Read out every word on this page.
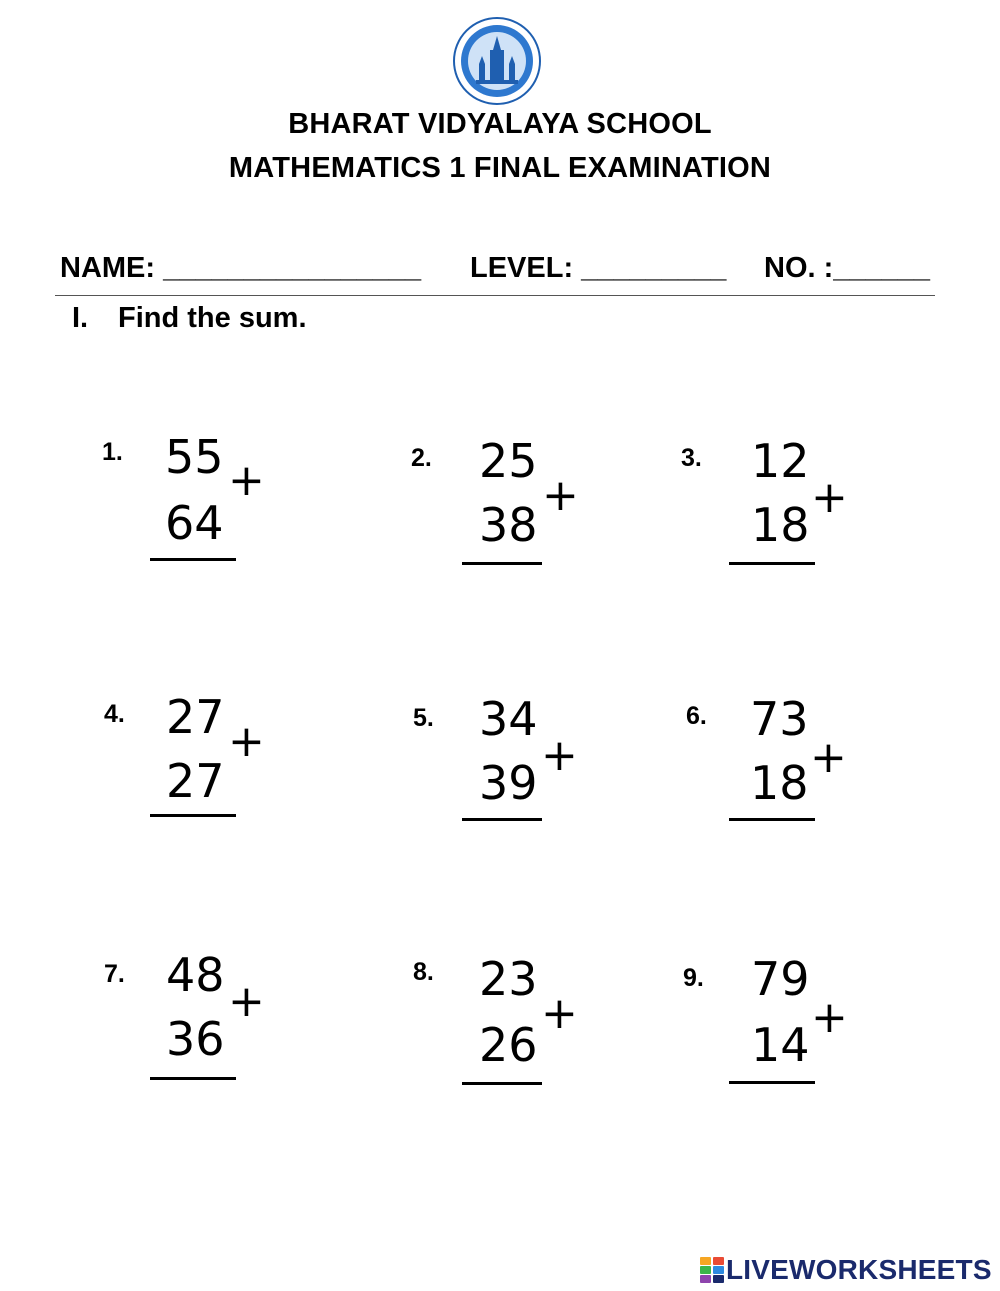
BHARAT VIDYALAYA SCHOOL
MATHEMATICS 1 FINAL EXAMINATION
NAME: ________________ LEVEL: _________ NO. :______
I. Find the sum.
1. 55 +
64
2. 25
+
38
3. 12
+
18
4. 27 +
27
5. 34
+
39
6. 73
+
18
7. 48 +
36
8. 23
+
26
9. 79
+
14
LIVEWORKSHEETS
